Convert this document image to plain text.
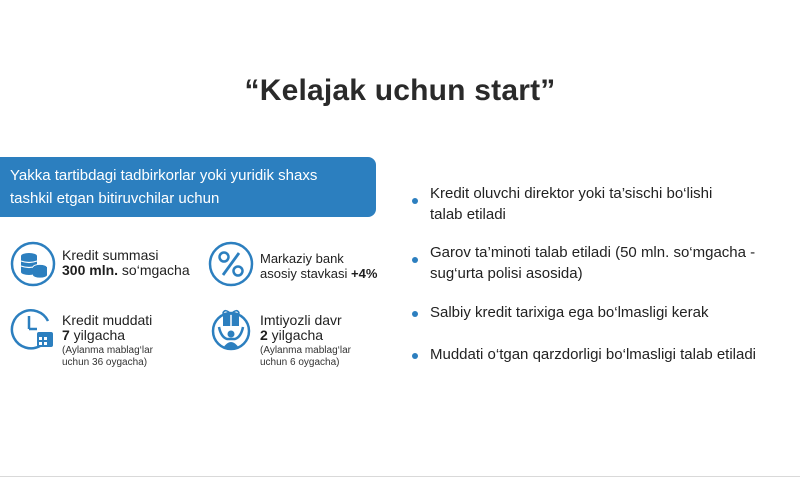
“Kelajak uchun start”
Yakka tartibdagi tadbirkorlar yoki yuridik shaxs
tashkil etgan bitiruvchilar uchun
Kredit summasi
300 mln. so‘mgacha
Markaziy bank
asosiy stavkasi +4%
Kredit muddati
7 yilgacha
(Aylanma mablag‘lar
uchun 36 oygacha)
Imtiyozli davr
2 yilgacha
(Aylanma mablag‘lar
uchun 6 oygacha)
Kredit oluvchi direktor yoki ta’sischi bo‘lishi
talab etiladi
Garov ta’minoti talab etiladi (50 mln. so‘mgacha -
sug‘urta polisi asosida)
Salbiy kredit tarixiga ega bo‘lmasligi kerak
Muddati o‘tgan qarzdorligi bo‘lmasligi talab etiladi
